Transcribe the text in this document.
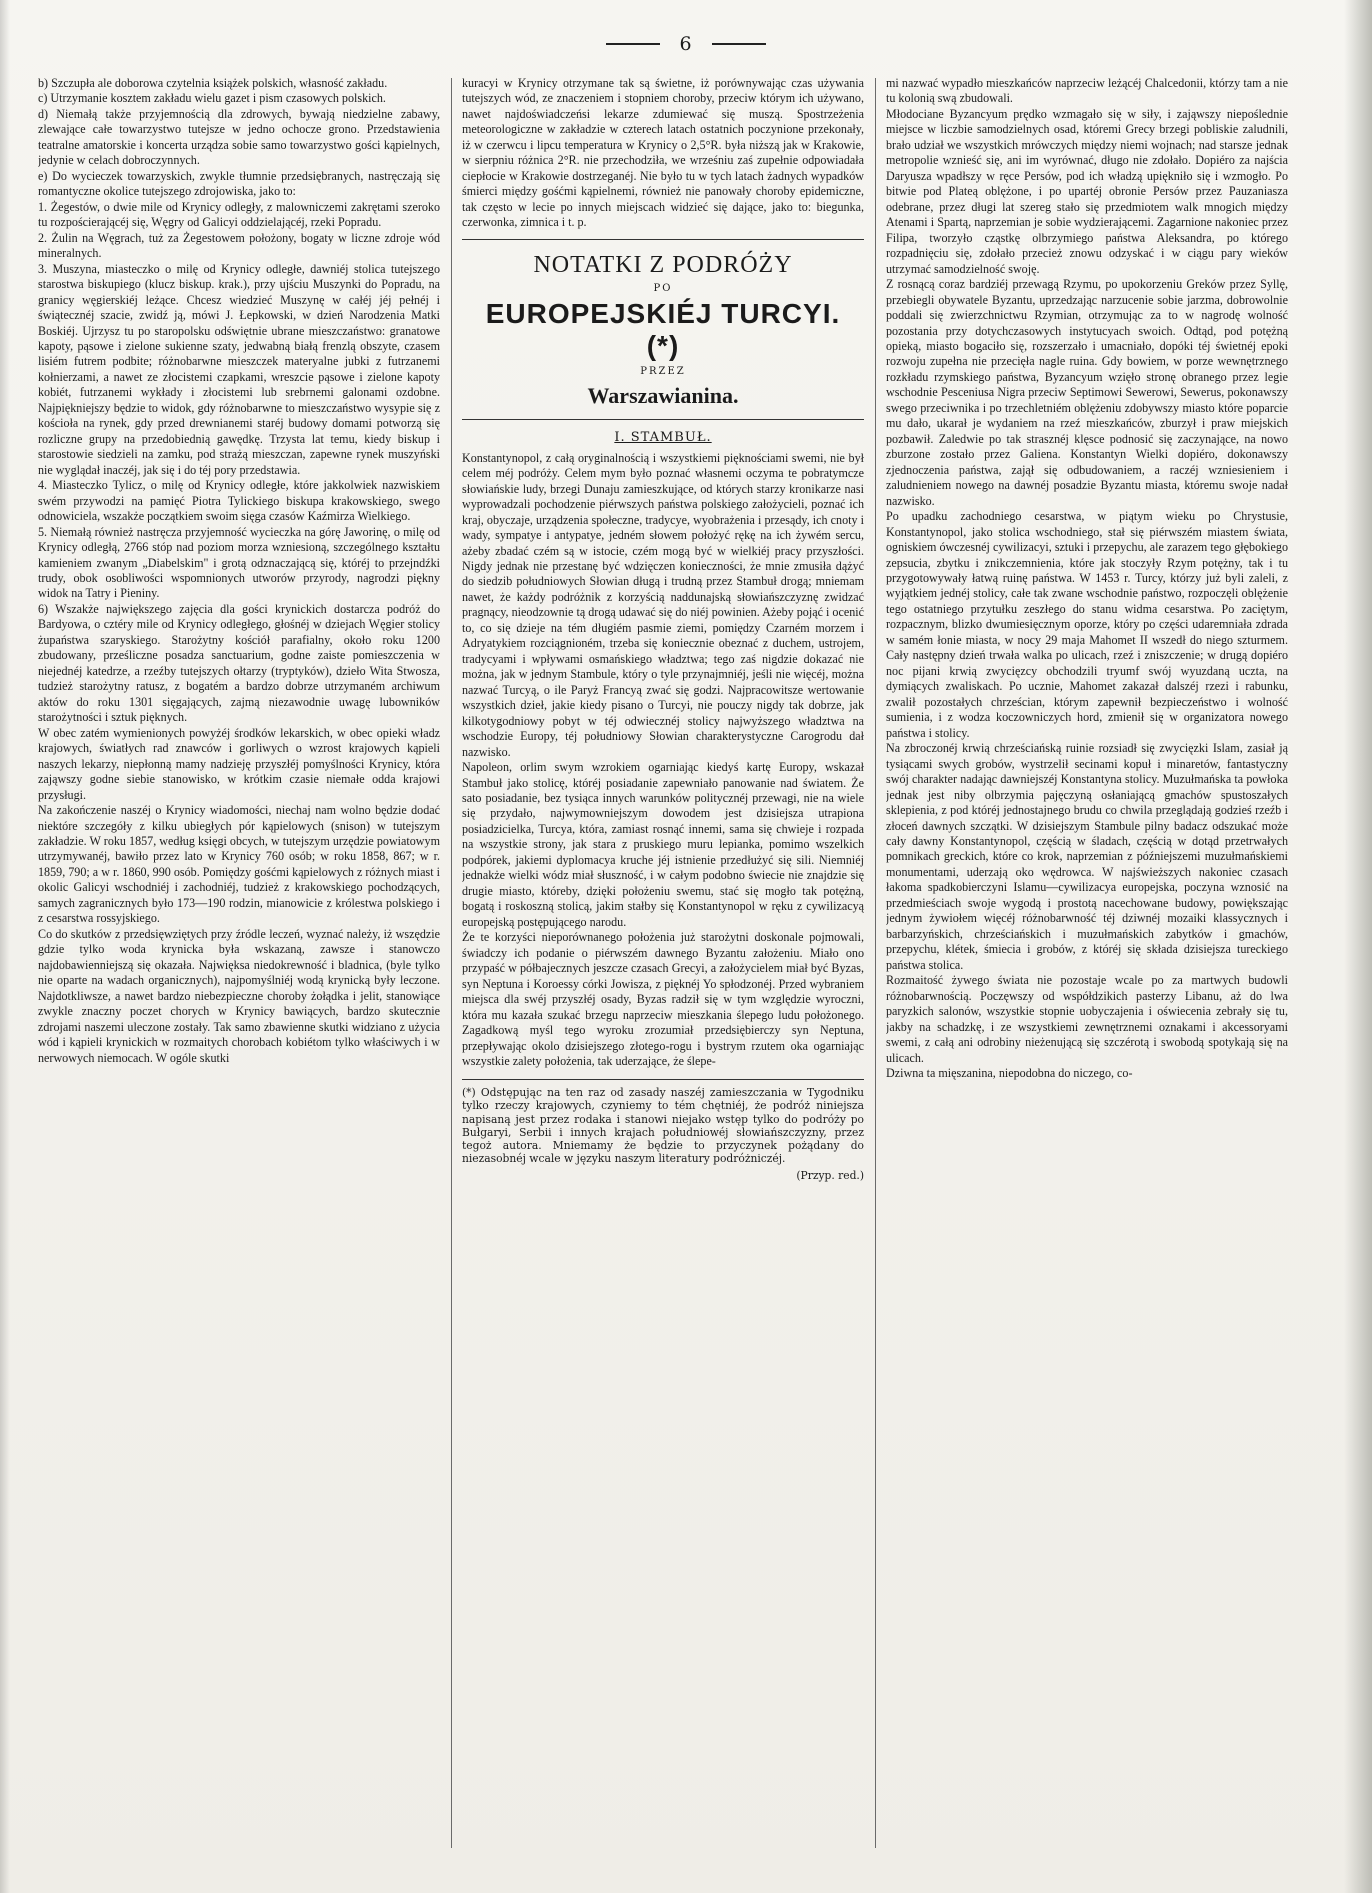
6

b) Szczupła ale doborowa czytelnia książek polskich, własność zakładu.
c) Utrzymanie kosztem zakładu wielu gazet i pism czasowych polskich.
d) Niemałą także przyjemnością dla zdrowych, bywają niedzielne zabawy, zlewające całe towarzystwo tutejsze w jedno ochocze grono. Przedstawienia teatralne amatorskie i koncerta urządza sobie samo towarzystwo gości kąpielnych, jedynie w celach dobroczynnych.
e) Do wycieczek towarzyskich, zwykle tłumnie przedsiębranych, nastręczają się romantyczne okolice tutejszego zdrojowiska, jako to:
1. Żegestów, o dwie mile od Krynicy odległy, z malowniczemi zakrętami szeroko tu rozpościerającéj się, Węgry od Galicyi oddzielającéj, rzeki Popradu.
2. Żulin na Węgrach, tuż za Żegestowem położony, bogaty w liczne zdroje wód mineralnych.
3. Muszyna, miasteczko o milę od Krynicy odległe, dawniéj stolica tutejszego starostwa biskupiego (klucz biskup. krak.), przy ujściu Muszynki do Popradu, na granicy węgierskiéj leżące. Chcesz wiedzieć Muszynę w całéj jéj pełnéj i świątecznéj szacie, zwidź ją, mówi J. Łepkowski, w dzień Narodzenia Matki Boskiéj. Ujrzysz tu po staropolsku odświętnie ubrane mieszczaństwo: granatowe kapoty, pąsowe i zielone sukienne szaty, jedwabną białą frenzlą obszyte, czasem lisiém futrem podbite; różnobarwne mieszczek materyalne jubki z futrzanemi kołnierzami, a nawet ze złocistemi czapkami, wreszcie pąsowe i zielone kapoty kobiét, futrzanemi wykłady i złocistemi lub srebrnemi galonami ozdobne. Najpiękniejszy będzie to widok, gdy różnobarwne to mieszczaństwo wysypie się z kościoła na rynek, gdy przed drewnianemi staréj budowy domami potworzą się rozliczne grupy na przedobiednią gawędkę. Trzysta lat temu, kiedy biskup i starostowie siedzieli na zamku, pod strażą mieszczan, zapewne rynek muszyński nie wyglądał inaczéj, jak się i do téj pory przedstawia.
4. Miasteczko Tylicz, o milę od Krynicy odległe, które jakkolwiek nazwiskiem swém przywodzi na pamięć Piotra Tylickiego biskupa krakowskiego, swego odnowiciela, wszakże początkiem swoim sięga czasów Kaźmirza Wielkiego.
5. Niemałą również nastręcza przyjemność wycieczka na górę Jaworinę, o milę od Krynicy odległą, 2766 stóp nad poziom morza wzniesioną, szczególnego kształtu kamieniem zwanym „Diabelskim" i grotą odznaczającą się, któréj to przejndźki trudy, obok osobliwości wspomnionych utworów przyrody, nagrodzi piękny widok na Tatry i Pieniny.
6) Wszakże największego zajęcia dla gości krynickich dostarcza podróż do Bardyowa, o cztéry mile od Krynicy odległego, głośnéj w dziejach Węgier stolicy żupaństwa szaryskiego. Starożytny kościół parafialny, około roku 1200 zbudowany, prześliczne posadza sanctuarium, godne zaiste pomieszczenia w niejednéj katedrze, a rzeźby tutejszych ołtarzy (tryptyków), dzieło Wita Stwosza, tudzież starożytny ratusz, z bogatém a bardzo dobrze utrzymaném archiwum aktów do roku 1301 sięgających, zajmą niezawodnie uwagę lubowników starożytności i sztuk pięknych.
W obec zatém wymienionych powyżéj środków lekarskich, w obec opieki władz krajowych, światłych rad znawców i gorliwych o wzrost krajowych kąpieli naszych lekarzy, niepłonną mamy nadzieję przyszłéj pomyślności Krynicy, która zająwszy godne siebie stanowisko, w krótkim czasie niemałe odda krajowi przysługi.
Na zakończenie naszéj o Krynicy wiadomości, niechaj nam wolno będzie dodać niektóre szczegóły z kilku ubiegłych pór kąpielowych (snison) w tutejszym zakładzie. W roku 1857, według księgi obcych, w tutejszym urzędzie powiatowym utrzymywanéj, bawiło przez lato w Krynicy 760 osób; w roku 1858, 867; w r. 1859, 790; a w r. 1860, 990 osób. Pomiędzy gośćmi kąpielowych z różnych miast i okolic Galicyi wschodniéj i zachodniéj, tudzież z krakowskiego pochodzących, samych zagranicznych było 173—190 rodzin, mianowicie z królestwa polskiego i z cesarstwa rossyjskiego.
Co do skutków z przedsięwziętych przy źródle leczeń, wyznać należy, iż wszędzie gdzie tylko woda krynicka była wskazaną, zawsze i stanowczo najdobawienniejszą się okazała. Najwięksa niedokrewność i bladnica, (byle tylko nie oparte na wadach organicznych), najpomyślniéj wodą krynicką były leczone. Najdotkliwsze, a nawet bardzo niebezpieczne choroby żołądka i jelit, stanowiące zwykle znaczny poczet chorych w Krynicy bawiących, bardzo skutecznie zdrojami naszemi uleczone zostały. Tak samo zbawienne skutki widziano z użycia wód i kąpieli krynickich w rozmaitych chorobach kobiétom tylko właściwych i w nerwowych niemocach. W ogóle skutki

kuracyi w Krynicy otrzymane tak są świetne, iż porównywając czas używania tutejszych wód, ze znaczeniem i stopniem choroby, przeciw którym ich używano, nawet najdoświadczeńsi lekarze zdumiewać się muszą. Spostrzeżenia meteorologiczne w zakładzie w czterech latach ostatnich poczynione przekonały, iż w czerwcu i lipcu temperatura w Krynicy o 2,5°R. była niższą jak w Krakowie, w sierpniu różnica 2°R. nie przechodziła, we wrześniu zaś zupełnie odpowiadała ciepłocie w Krakowie dostrzeganéj. Nie było tu w tych latach żadnych wypadków śmierci między gośćmi kąpielnemi, również nie panowały choroby epidemiczne, tak często w lecie po innych miejscach widzieć się dające, jako to: biegunka, czerwonka, zimnica i t. p.

NOTATKI Z PODRÓŻY
PO
EUROPEJSKIÉJ TURCYI. (*)
PRZEZ
Warszawianina.
I. STAMBUŁ.

Konstantynopol, z całą oryginalnością i wszystkiemi pięknościami swemi, nie był celem méj podróży. Celem mym było poznać własnemi oczyma te pobratymcze słowiańskie ludy, brzegi Dunaju zamieszkujące, od których starzy kronikarze nasi wyprowadzali pochodzenie piérwszych państwa polskiego założycieli, poznać ich kraj, obyczaje, urządzenia społeczne, tradycye, wyobrażenia i przesądy, ich cnoty i wady, sympatye i antypatye, jedném słowem położyć rękę na ich żywém sercu, ażeby zbadać czém są w istocie, czém mogą być w wielkiéj pracy przyszłości. Nigdy jednak nie przestanę być wdzięczen konieczności, że mnie zmusiła dążyć do siedzib południowych Słowian długą i trudną przez Stambuł drogą; mniemam nawet, że każdy podróżnik z korzyścią naddunajską słowiańszczyznę zwidzać pragnący, nieodzownie tą drogą udawać się do niéj powinien. Ażeby pojąć i ocenić to, co się dzieje na tém długiém pasmie ziemi, pomiędzy Czarném morzem i Adryatykiem rozciągnioném, trzeba się koniecznie obeznać z duchem, ustrojem, tradycyami i wpływami osmańskiego władztwa; tego zaś nigdzie dokazać nie można, jak w jednym Stambule, który o tyle przynajmniéj, jeśli nie więcéj, można nazwać Turcyą, o ile Paryż Francyą zwać się godzi. Najpracowitsze wertowanie wszystkich dzieł, jakie kiedy pisano o Turcyi, nie pouczy nigdy tak dobrze, jak kilkotygodniowy pobyt w téj odwiecznéj stolicy najwyższego władztwa na wschodzie Europy, téj południowy Słowian charakterystyczne Carogrodu dał nazwisko.
Napoleon, orlim swym wzrokiem ogarniając kiedyś kartę Europy, wskazał Stambuł jako stolicę, któréj posiadanie zapewniało panowanie nad światem. Że sato posiadanie, bez tysiąca innych warunków politycznéj przewagi, nie na wiele się przydało, najwymowniejszym dowodem jest dzisiejsza utrapiona posiadzicielka, Turcya, która, zamiast rosnąć innemi, sama się chwieje i rozpada na wszystkie strony, jak stara z pruskiego muru lepianka, pomimo wszelkich podpórek, jakiemi dyplomacya kruche jéj istnienie przedłużyć się sili. Niemniéj jednakże wielki wódz miał słuszność, i w całym podobno świecie nie znajdzie się drugie miasto, któreby, dzięki położeniu swemu, stać się mogło tak potężną, bogatą i roskoszną stolicą, jakim stałby się Konstantynopol w ręku z cywilizacyą europejską postępującego narodu.
Że te korzyści nieporównanego położenia już starożytni doskonale pojmowali, świadczy ich podanie o piérwszém dawnego Byzantu założeniu. Miało ono przypaść w półbajecznych jeszcze czasach Grecyi, a założycielem miał być Byzas, syn Neptuna i Koroessy córki Jowisza, z pięknéj Yo spłodzonéj. Przed wybraniem miejsca dla swéj przyszłéj osady, Byzas radził się w tym względzie wyroczni, która mu kazała szukać brzegu naprzeciw mieszkania ślepego ludu położonego. Zagadkową myśl tego wyroku zrozumiał przedsiębierczy syn Neptuna, przepływając okolo dzisiejszego złotego-rogu i bystrym rzutem oka ogarniając wszystkie zalety położenia, tak uderzające, że ślepe-

(*) Odstępując na ten raz od zasady naszéj zamieszczania w Tygodniku tylko rzeczy krajowych, czyniemy to tém chętniéj, że podróż niniejsza napisaną jest przez rodaka i stanowi niejako wstęp tylko do podróży po Bułgaryi, Serbii i innych krajach południowéj słowiańszczyzny, przez tegoż autora. Mniemamy że będzie to przyczynek pożądany do niezasobnéj wcale w języku naszym literatury podróżniczéj.
(Przyp. red.)

mi nazwać wypadło mieszkańców naprzeciw leżącéj Chalcedonii, którzy tam a nie tu kolonią swą zbudowali.
Młodociane Byzancyum prędko wzmagało się w siły, i zająwszy niepoślednie miejsce w liczbie samodzielnych osad, któremi Grecy brzegi pobliskie zaludnili, brało udział we wszystkich mrówczych między niemi wojnach; nad starsze jednak metropolie wznieść się, ani im wyrównać, długo nie zdołało. Dopiéro za najścia Daryusza wpadłszy w ręce Persów, pod ich władzą upiękniło się i wzmogło. Po bitwie pod Plateą oblężone, i po upartéj obronie Persów przez Pauzaniasza odebrane, przez długi lat szereg stało się przedmiotem walk mnogich między Atenami i Spartą, naprzemian je sobie wydzierającemi. Zagarnione nakoniec przez Filipa, tworzyło cząstkę olbrzymiego państwa Aleksandra, po którego rozpadnięciu się, zdołało przecież znowu odzyskać i w ciągu pary wieków utrzymać samodzielność swoję.
Z rosnącą coraz bardziéj przewagą Rzymu, po upokorzeniu Greków przez Syllę, przebiegli obywatele Byzantu, uprzedzając narzucenie sobie jarzma, dobrowolnie poddali się zwierzchnictwu Rzymian, otrzymując za to w nagrodę wolność pozostania przy dotychczasowych instytucyach swoich. Odtąd, pod potężną opieką, miasto bogaciło się, rozszerzało i umacniało, dopóki téj świetnéj epoki rozwoju zupełna nie przecięła nagle ruina. Gdy bowiem, w porze wewnętrznego rozkładu rzymskiego państwa, Byzancyum wzięło stronę obranego przez legie wschodnie Pesceniusa Nigra przeciw Septimowi Sewerowi, Sewerus, pokonawszy swego przeciwnika i po trzechletniém oblężeniu zdobywszy miasto które poparcie mu dało, ukarał je wydaniem na rzeź mieszkańców, zburzył i praw miejskich pozbawił. Zaledwie po tak strasznéj klęsce podnosić się zaczynające, na nowo zburzone zostało przez Galiena. Konstantyn Wielki dopiéro, dokonawszy zjednoczenia państwa, zajął się odbudowaniem, a raczéj wzniesieniem i zaludnieniem nowego na dawnéj posadzie Byzantu miasta, któremu swoje nadał nazwisko.
Po upadku zachodniego cesarstwa, w piątym wieku po Chrystusie, Konstantynopol, jako stolica wschodniego, stał się piérwszém miastem świata, ogniskiem ówczesnéj cywilizacyi, sztuki i przepychu, ale zarazem tego głębokiego zepsucia, zbytku i znikczemnienia, które jak stoczyły Rzym potężny, tak i tu przygotowywały łatwą ruinę państwa. W 1453 r. Turcy, którzy już byli zaleli, z wyjątkiem jednéj stolicy, całe tak zwane wschodnie państwo, rozpoczęli oblężenie tego ostatniego przytułku zeszłego do stanu widma cesarstwa. Po zaciętym, rozpacznym, blizko dwumiesięcznym oporze, który po części udaremniała zdrada w samém łonie miasta, w nocy 29 maja Mahomet II wszedł do niego szturmem. Cały następny dzień trwała walka po ulicach, rzeź i zniszczenie; w drugą dopiéro noc pijani krwią zwycięzcy obchodzili tryumf swój wyuzdaną uczta, na dymiących zwaliskach. Po ucznie, Mahomet zakazał dalszéj rzezi i rabunku, zwalił pozostałych chrześcian, którym zapewnił bezpieczeństwo i wolność sumienia, i z wodza koczowniczych hord, zmienił się w organizatora nowego państwa i stolicy.
Na zbroczonéj krwią chrześciańską ruinie rozsiadł się zwycięzki Islam, zasiał ją tysiącami swych grobów, wystrzelił secinami kopuł i minaretów, fantastyczny swój charakter nadając dawniejszéj Konstantyna stolicy. Muzułmańska ta powłoka jednak jest niby olbrzymia pajęczyną osłaniającą gmachów spustoszałych sklepienia, z pod któréj jednostajnego brudu co chwila przeglądają godzieś rzeźb i złoceń dawnych szczątki. W dzisiejszym Stambule pilny badacz odszukać może cały dawny Konstantynopol, częścią w śladach, częścią w dotąd przetrwałych pomnikach greckich, które co krok, naprzemian z późniejszemi muzułmańskiemi monumentami, uderzają oko wędrowca. W najświeższych nakoniec czasach łakoma spadkobierczyni Islamu—cywilizacya europejska, poczyna wznosić na przedmieściach swoje wygodą i prostotą nacechowane budowy, powiększając jednym żywiołem więcéj różnobarwność téj dziwnéj mozaiki klassycznych i barbarzyńskich, chrześciańskich i muzułmańskich zabytków i gmachów, przepychu, klétek, śmiecia i grobów, z któréj się składa dzisiejsza tureckiego państwa stolica.
Rozmaitość żywego świata nie pozostaje wcale po za martwych budowli różnobarwnością. Poczęwszy od współdzikich pasterzy Libanu, aż do lwa paryzkich salonów, wszystkie stopnie uobyczajenia i oświecenia zebrały się tu, jakby na schadzkę, i ze wszystkiemi zewnętrznemi oznakami i akcessoryami swemi, z całą ani odrobiny nieżenującą się szczérotą i swobodą spotykają się na ulicach.
Dziwna ta mięszanina, niepodobna do niczego, co-
